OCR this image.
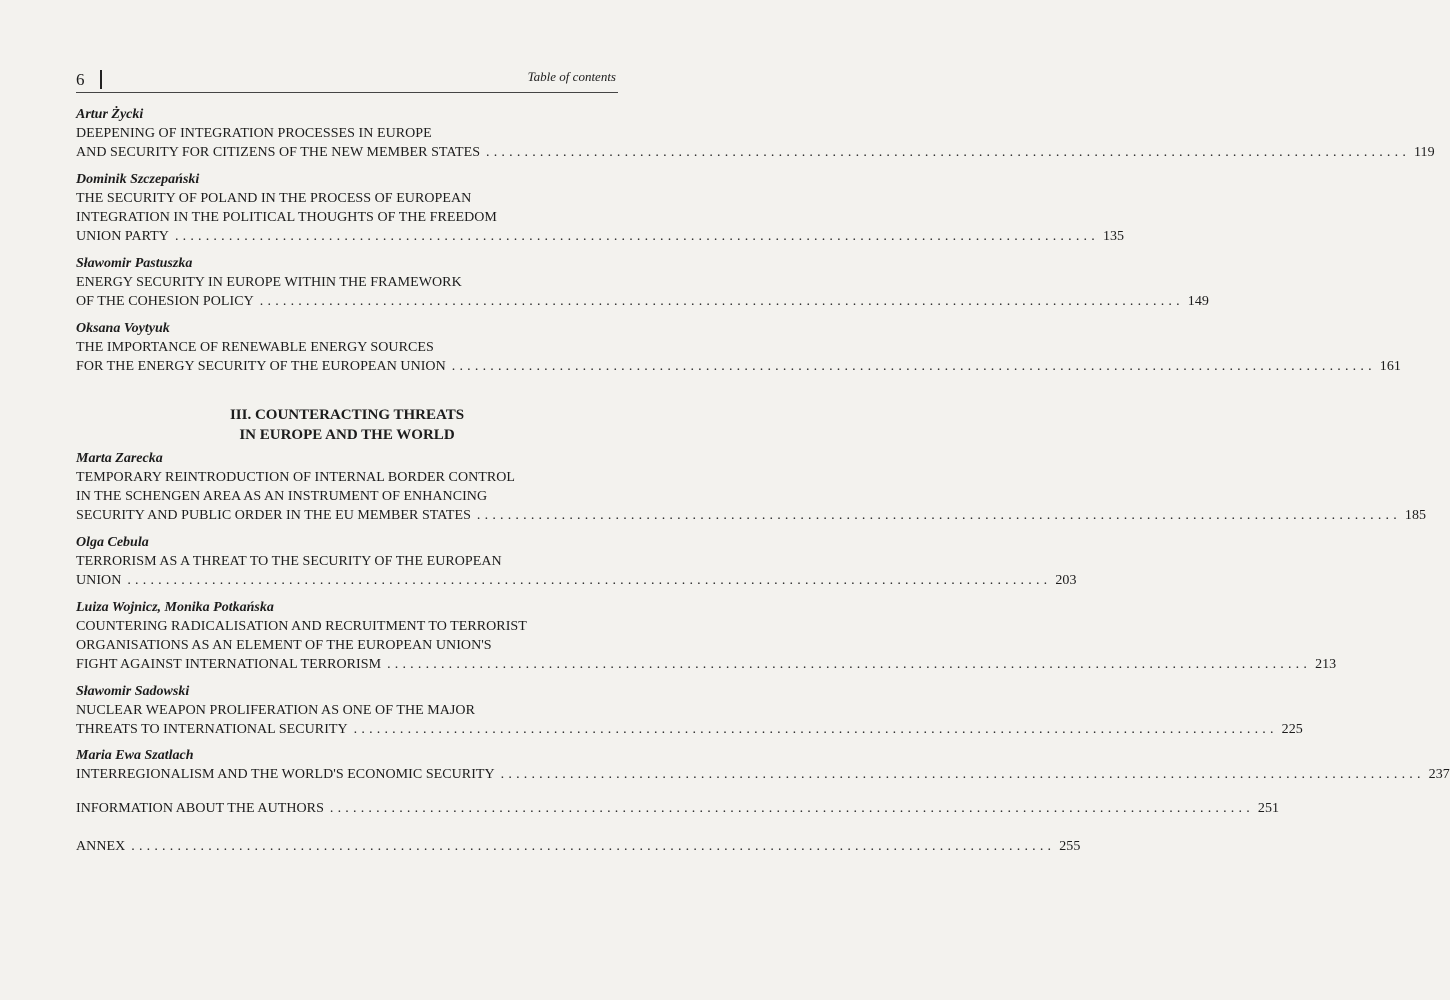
6	Table of contents
III. COUNTERACTING THREATS
IN EUROPE AND THE WORLD
Artur Życki
DEEPENING OF INTEGRATION PROCESSES IN EUROPE
AND SECURITY FOR CITIZENS OF THE NEW MEMBER STATES ........................................................................................................................ 119
Dominik Szczepański
THE SECURITY OF POLAND IN THE PROCESS OF EUROPEAN
INTEGRATION IN THE POLITICAL THOUGHTS OF THE FREEDOM
UNION PARTY ........................................................................................................................ 135
Sławomir Pastuszka
ENERGY SECURITY IN EUROPE WITHIN THE FRAMEWORK
OF THE COHESION POLICY ........................................................................................................................ 149
Oksana Voytyuk
THE IMPORTANCE OF RENEWABLE ENERGY SOURCES
FOR THE ENERGY SECURITY OF THE EUROPEAN UNION ........................................................................................................................ 161
Marta Zarecka
TEMPORARY REINTRODUCTION OF INTERNAL BORDER CONTROL
IN THE SCHENGEN AREA AS AN INSTRUMENT OF ENHANCING
SECURITY AND PUBLIC ORDER IN THE EU MEMBER STATES ........................................................................................................................ 185
Olga Cebula
TERRORISM AS A THREAT TO THE SECURITY OF THE EUROPEAN
UNION ........................................................................................................................ 203
Luiza Wojnicz, Monika Potkańska
COUNTERING RADICALISATION AND RECRUITMENT TO TERRORIST
ORGANISATIONS AS AN ELEMENT OF THE EUROPEAN UNION'S
FIGHT AGAINST INTERNATIONAL TERRORISM ........................................................................................................................ 213
Sławomir Sadowski
NUCLEAR WEAPON PROLIFERATION AS ONE OF THE MAJOR
THREATS TO INTERNATIONAL SECURITY ........................................................................................................................ 225
Maria Ewa Szatlach
INTERREGIONALISM AND THE WORLD'S ECONOMIC SECURITY ........................................................................................................................ 237
INFORMATION ABOUT THE AUTHORS ........................................................................................................................ 251
ANNEX ........................................................................................................................ 255
